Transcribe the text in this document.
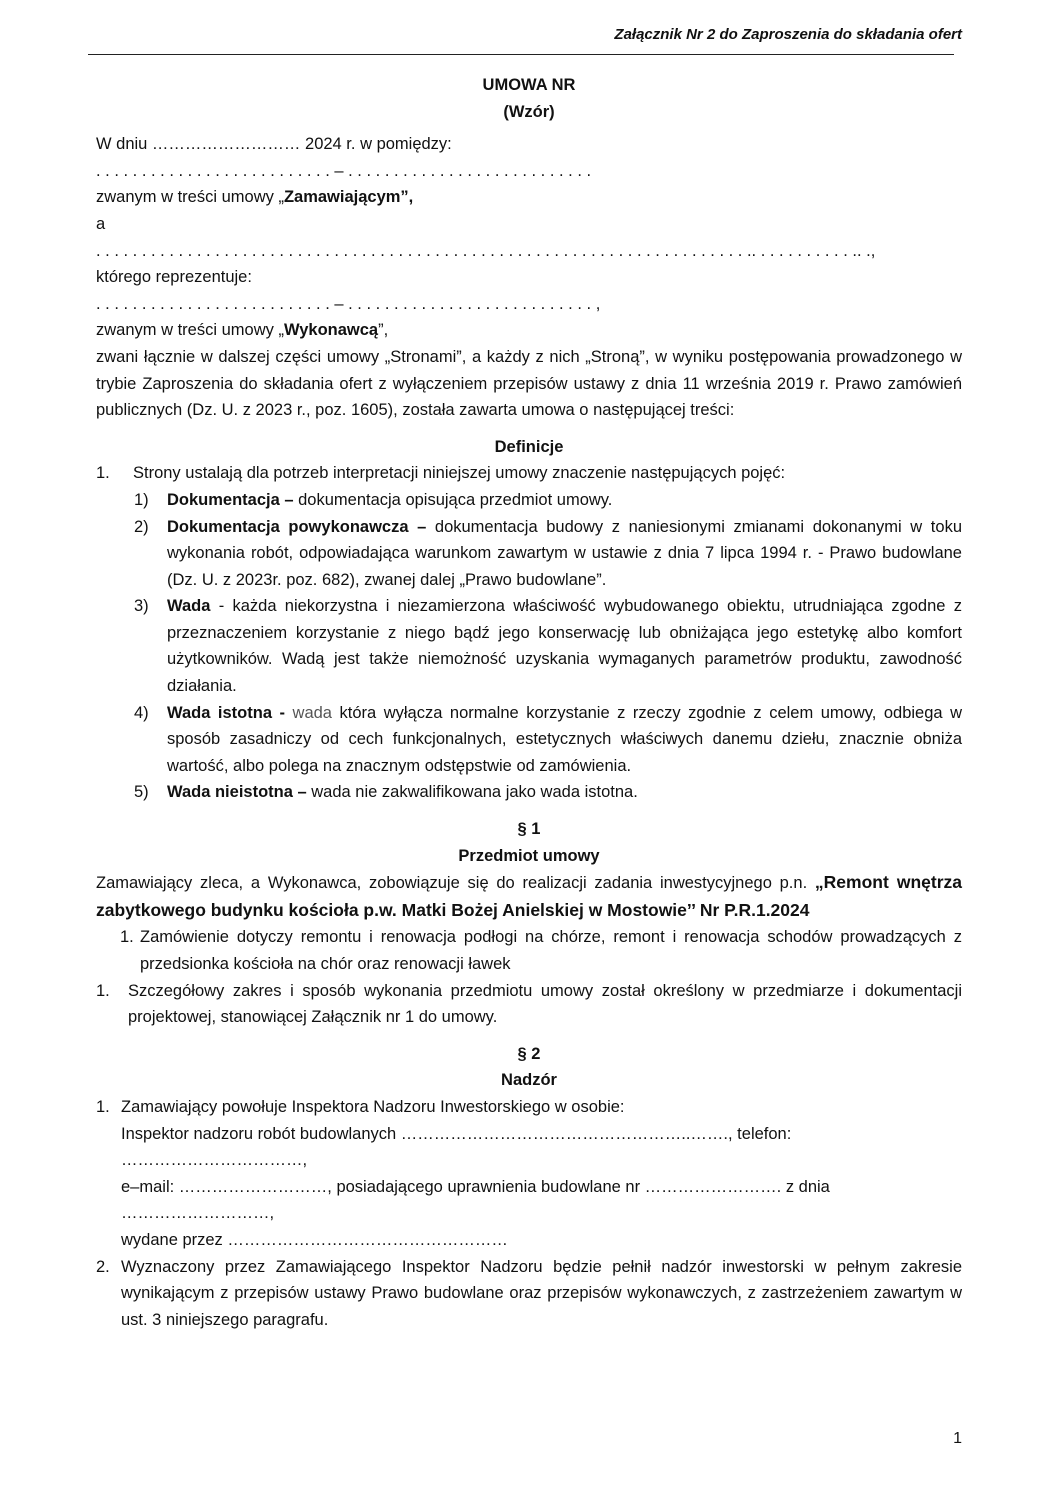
Załącznik Nr 2 do Zaproszenia do składania ofert

UMOWA NR

(Wzór)

W dniu ……………………… 2024 r. w pomiędzy:

. . . . . . . . . . . . . . . . . . . . . . . . . . – . . . . . . . . . . . . . . . . . . . . . . . . . . .

zwanym w treści umowy „Zamawiającym”,

a

. . . . . . . . . . . . . . . . . . . . . . . . . . . . . . . . . . . . . . . . . . . . . . . . . . . . . . . . . . . . . . . . . . . . . . . .. . . . . . . . . . . .. .,

którego reprezentuje:

. . . . . . . . . . . . . . . . . . . . . . . . . . – . . . . . . . . . . . . . . . . . . . . . . . . . . . ,

zwanym w treści umowy „Wykonawcą”,

zwani łącznie w dalszej części umowy „Stronami”, a każdy z nich „Stroną”, w wyniku postępowania prowadzonego w trybie Zaproszenia do składania ofert z wyłączeniem przepisów ustawy z dnia 11 września 2019 r. Prawo zamówień publicznych (Dz. U. z 2023 r., poz. 1605), została zawarta umowa o następującej treści:

Definicje

1.	Strony ustalają dla potrzeb interpretacji niniejszej umowy znaczenie następujących pojęć:
1)	Dokumentacja – dokumentacja opisująca przedmiot umowy.
2)	Dokumentacja powykonawcza – dokumentacja budowy z naniesionymi zmianami dokonanymi w toku wykonania robót, odpowiadająca warunkom zawartym w ustawie z dnia 7 lipca 1994 r. - Prawo budowlane (Dz. U. z 2023r. poz. 682), zwanej dalej „Prawo budowlane”.
3)	Wada - każda niekorzystna i niezamierzona właściwość wybudowanego obiektu, utrudniająca zgodne z przeznaczeniem korzystanie z niego bądź jego konserwację lub obniżająca jego estetykę albo komfort użytkowników. Wadą jest także niemożność uzyskania wymaganych parametrów produktu, zawodność działania.
4)	Wada istotna - wada która wyłącza normalne korzystanie z rzeczy zgodnie z celem umowy, odbiega w sposób zasadniczy od cech funkcjonalnych, estetycznych właściwych danemu dziełu, znacznie obniża wartość, albo polega na znacznym odstępstwie od zamówienia.
5)	Wada nieistotna – wada nie zakwalifikowana jako wada istotna.

§ 1

Przedmiot umowy

Zamawiający zleca, a Wykonawca, zobowiązuje się do realizacji zadania inwestycyjnego p.n. „Remont wnętrza zabytkowego budynku kościoła p.w. Matki Bożej Anielskiej w Mostowie’’ Nr P.R.1.2024

1. Zamówienie dotyczy remontu i renowacja podłogi na chórze, remont i renowacja schodów prowadzących z przedsionka kościoła na chór oraz renowacji ławek
1.	Szczegółowy zakres i sposób wykonania przedmiotu umowy został określony w przedmiarze i dokumentacji projektowej, stanowiącej Załącznik nr 1 do umowy.

§ 2

Nadzór

1. Zamawiający powołuje Inspektora Nadzoru Inwestorskiego w osobie:
Inspektor nadzoru robót budowlanych ……………………………………………..……., telefon: ……………………………,
e–mail: ………………………, posiadającego uprawnienia budowlane nr ……………………. z dnia ………………………,
wydane przez ……………………………………………
2. Wyznaczony przez Zamawiającego Inspektor Nadzoru będzie pełnił nadzór inwestorski w pełnym zakresie wynikającym z przepisów ustawy Prawo budowlane oraz przepisów wykonawczych, z zastrzeżeniem zawartym w ust. 3 niniejszego paragrafu.
1
